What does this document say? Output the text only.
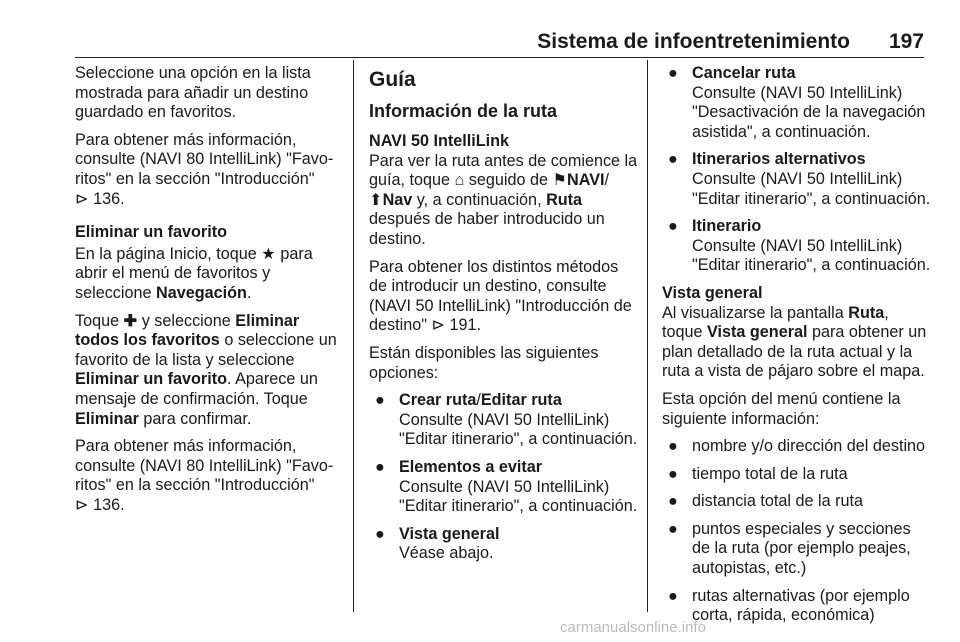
Sistema de infoentretenimiento 197

Seleccione una opción en la lista mostrada para añadir un destino guardado en favoritos.

Para obtener más información, consulte (NAVI 80 IntelliLink) "Favoritos" en la sección "Introducción"
⊳ 136.

Eliminar un favorito

En la página Inicio, toque ★ para abrir el menú de favoritos y seleccione Navegación.

Toque ✚ y seleccione Eliminar todos los favoritos o seleccione un favorito de la lista y seleccione Eliminar un favorito. Aparece un mensaje de confirmación. Toque Eliminar para confirmar.

Para obtener más información, consulte (NAVI 80 IntelliLink) "Favoritos" en la sección "Introducción"
⊳ 136.

Guía
Información de la ruta
NAVI 50 IntelliLink

Para ver la ruta antes de comience la guía, toque ⌂ seguido de ⚑NAVI/
⬆Nav y, a continuación, Ruta después de haber introducido un destino.

Para obtener los distintos métodos de introducir un destino, consulte (NAVI 50 IntelliLink) "Introducción de destino" ⊳ 191.

Están disponibles las siguientes opciones:

● Crear ruta/Editar ruta
Consulte (NAVI 50 IntelliLink) "Editar itinerario", a continuación.
● Elementos a evitar
Consulte (NAVI 50 IntelliLink) "Editar itinerario", a continuación.
● Vista general
Véase abajo.
● Cancelar ruta
Consulte (NAVI 50 IntelliLink) "Desactivación de la navegación asistida", a continuación.
● Itinerarios alternativos
Consulte (NAVI 50 IntelliLink) "Editar itinerario", a continuación.
● Itinerario
Consulte (NAVI 50 IntelliLink) "Editar itinerario", a continuación.
Vista general

Al visualizarse la pantalla Ruta, toque Vista general para obtener un plan detallado de la ruta actual y la ruta a vista de pájaro sobre el mapa.

Esta opción del menú contiene la siguiente información:

● nombre y/o dirección del destino
● tiempo total de la ruta
● distancia total de la ruta
● puntos especiales y secciones de la ruta (por ejemplo peajes, autopistas, etc.)
● rutas alternativas (por ejemplo corta, rápida, económica)
carmanualsonline.info
